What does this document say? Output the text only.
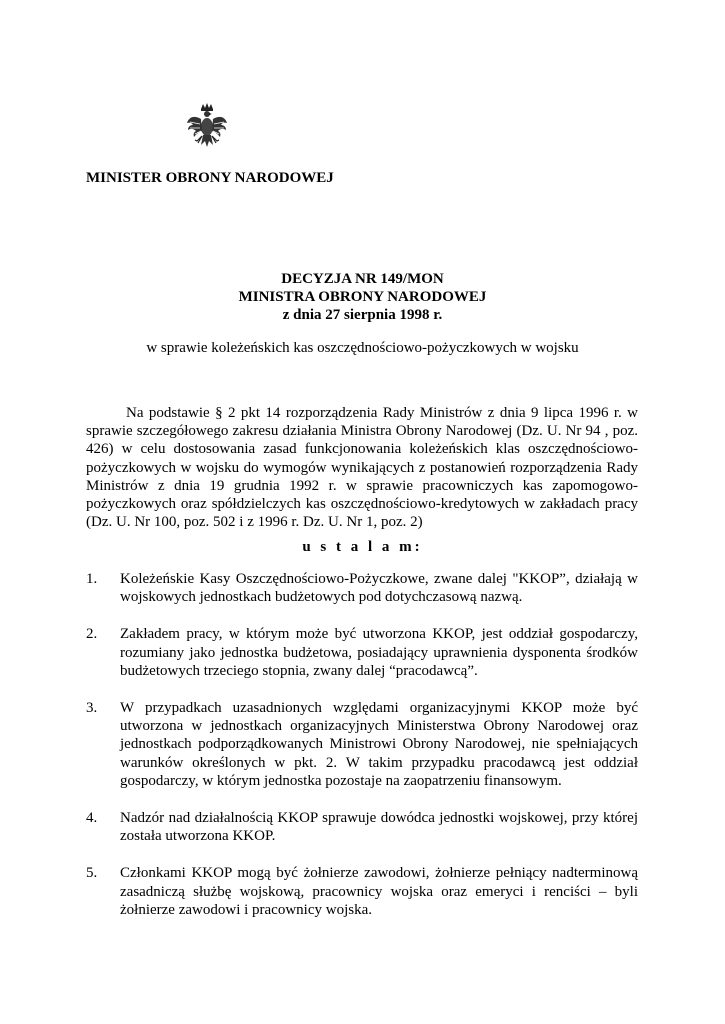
MINISTER OBRONY NARODOWEJ
DECYZJA NR 149/MON
MINISTRA OBRONY NARODOWEJ
z dnia 27 sierpnia 1998 r.
w sprawie koleżeńskich kas oszczędnościowo-pożyczkowych w wojsku
Na podstawie § 2 pkt 14 rozporządzenia Rady Ministrów z dnia 9 lipca 1996 r. w sprawie szczegółowego zakresu działania Ministra Obrony Narodowej (Dz. U. Nr 94 , poz. 426) w celu dostosowania zasad funkcjonowania koleżeńskich klas oszczędnościowo-pożyczkowych w wojsku do wymogów wynikających z postanowień rozporządzenia Rady Ministrów z dnia 19 grudnia 1992 r. w sprawie pracowniczych kas zapomogowo-pożyczkowych oraz spółdzielczych kas oszczędnościowo-kredytowych w zakładach pracy (Dz. U. Nr 100, poz. 502 i z 1996 r. Dz. U. Nr 1, poz. 2)
u s t a l a m:
1.	Koleżeńskie Kasy Oszczędnościowo-Pożyczkowe, zwane dalej "KKOP”, działają w wojskowych jednostkach budżetowych pod dotychczasową nazwą.
2.	Zakładem pracy, w którym może być utworzona KKOP, jest oddział gospodarczy, rozumiany jako jednostka budżetowa, posiadający uprawnienia dysponenta środków budżetowych trzeciego stopnia, zwany dalej “pracodawcą”.
3.	W przypadkach uzasadnionych względami organizacyjnymi KKOP może być utworzona w jednostkach organizacyjnych Ministerstwa Obrony Narodowej oraz jednostkach podporządkowanych Ministrowi Obrony Narodowej, nie spełniających warunków określonych w pkt. 2. W takim przypadku pracodawcą jest oddział gospodarczy, w którym jednostka pozostaje na zaopatrzeniu finansowym.
4.	Nadzór nad działalnością KKOP sprawuje dowódca jednostki wojskowej, przy której została utworzona KKOP.
5.	Członkami KKOP mogą być żołnierze zawodowi, żołnierze pełniący nadterminową zasadniczą służbę wojskową, pracownicy wojska oraz emeryci i renciści – byli żołnierze zawodowi i pracownicy wojska.
